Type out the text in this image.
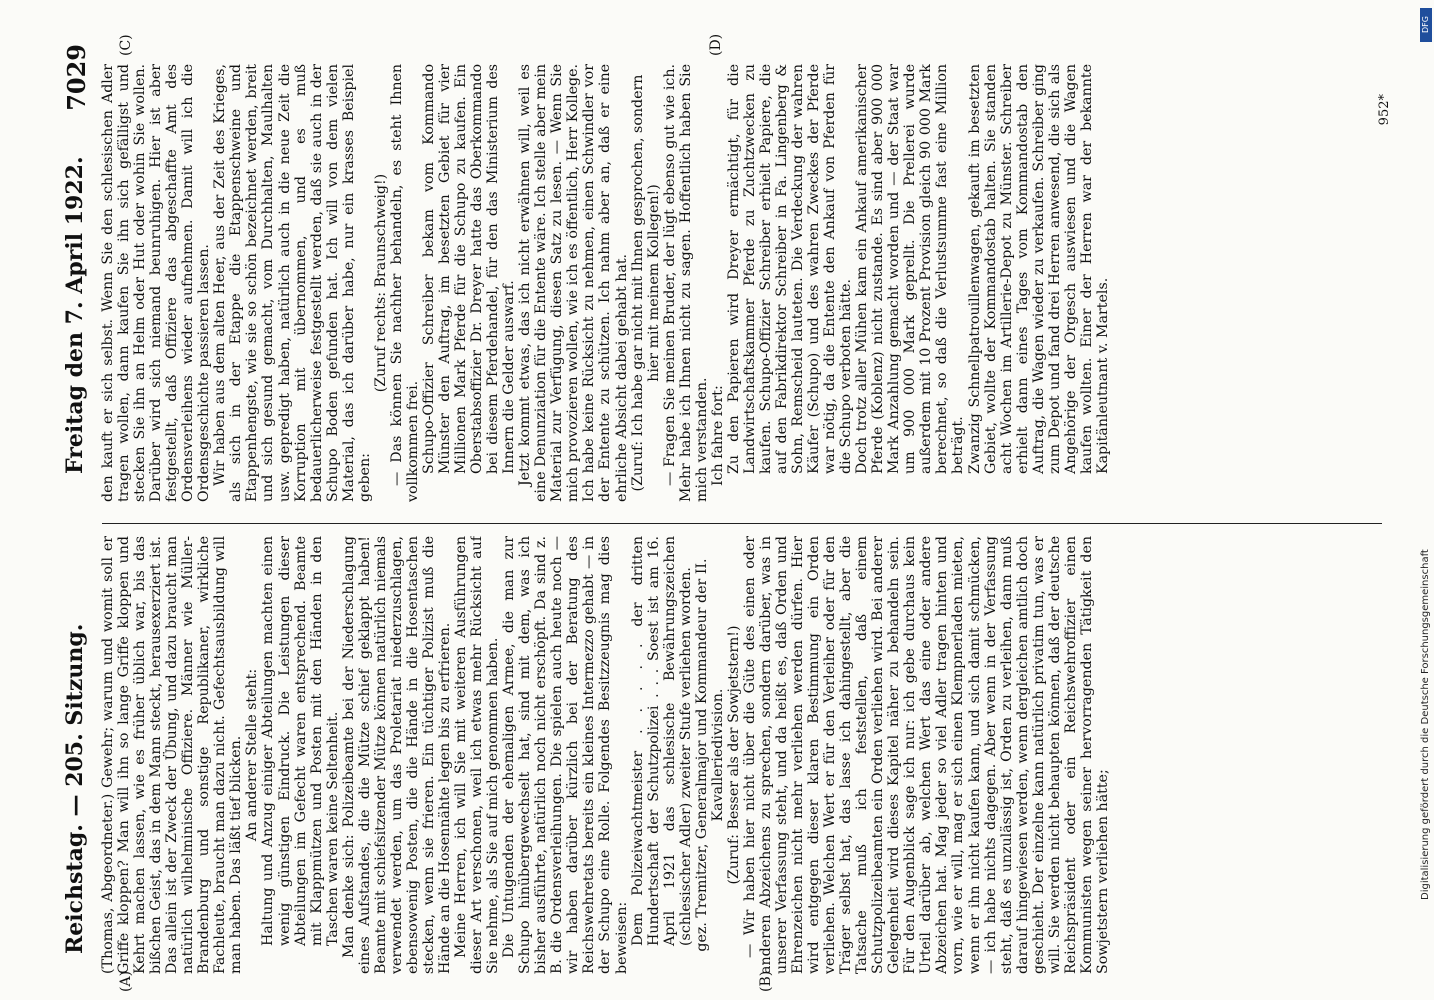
Reichstag. — 205. Sitzung.
Freitag den 7. April 1922.
7029
(A)	(B)
(C)	(D)

(Thomas, Abgeordneter.) Gewehr; warum und womit soll er Griffe kloppen? Man will ihn so lange Griffe kloppen und Kehrt machen lassen, wie es früher üblich war, bis das bißchen Geist, das in dem Mann steckt, herausexerziert ist. Das allein ist der Zweck der Übung, und dazu braucht man natürlich wilhelminische Offiziere. Männer wie Müller-Brandenburg und sonstige Republikaner, wirkliche Fachleute, braucht man dazu nicht. Gefechtsausbildung will man haben. Das läßt tief blicken. An anderer Stelle steht: Haltung und Anzug einiger Abteilungen machten einen wenig günstigen Eindruck. Die Leistungen dieser Abteilungen im Gefecht waren entsprechend. Beamte mit Klappmützen und Posten mit den Händen in den Taschen waren keine Seltenheit. Man denke sich: Polizeibeamte bei der Niederschlagung eines Aufstandes, die die Mütze schief geklappt haben! Beamte mit schiefsitzender Mütze können natürlich niemals verwendet werden, um das Proletariat niederzuschlagen, ebensowenig Posten, die die Hände in die Hosentaschen stecken, wenn sie frieren. Ein tüchtiger Polizist muß die Hände an die Hosennähte legen bis zu erfrieren. Meine Herren, ich will Sie mit weiteren Ausführungen dieser Art verschonen, weil ich etwas mehr Rücksicht auf Sie nehme, als Sie auf mich genommen haben. Die Untugenden der ehemaligen Armee, die man zur Schupo hinübergewechselt hat, sind mit dem, was ich bisher ausführte, natürlich noch nicht erschöpft. Da sind z. B. die Ordensverleihungen. Die spielen auch heute noch — wir haben darüber kürzlich bei der Beratung des Reichswehretats bereits ein kleines Intermezzo gehabt — in der Schupo eine Rolle. Folgendes Besitzzeugnis mag dies beweisen: Dem Polizeiwachtmeister . . . . . der dritten Hundertschaft der Schutzpolizei . . . Soest ist am 16. April 1921 das schlesische Bewährungszeichen (schlesischer Adler) zweiter Stufe verliehen worden. gez. Tremitzer, Generalmajor und Kommandeur der II. Kavalleriedivision. (Zuruf: Besser als der Sowjetstern!) — Wir haben hier nicht über die Güte des einen oder anderen Abzeichens zu sprechen, sondern darüber, was in unserer Verfassung steht, und da heißt es, daß Orden und Ehrenzeichen nicht mehr verliehen werden dürfen. Hier wird entgegen dieser klaren Bestimmung ein Orden verliehen. Welchen Wert er für den Verleiher oder für den Träger selbst hat, das lasse ich dahingestellt, aber die Tatsache muß ich feststellen, daß einem Schutzpolizeibeamten ein Orden verliehen wird. Bei anderer Gelegenheit wird dieses Kapitel näher zu behandeln sein. Für den Augenblick sage ich nur: ich gebe durchaus kein Urteil darüber ab, welchen Wert das eine oder andere Abzeichen hat. Mag jeder so viel Adler tragen hinten und vorn, wie er will, mag er sich einen Klempnerladen mieten, wenn er ihn nicht kaufen kann, und sich damit schmücken, — ich habe nichts dagegen. Aber wenn in der Verfassung steht, daß es unzulässig ist, Orden zu verleihen, dann muß darauf hingewiesen werden, wenn dergleichen amtlich doch geschieht. Der einzelne kann natürlich privatim tun, was er will. Sie werden nicht behaupten können, daß der deutsche Reichspräsident oder ein Reichswehroffizier einen Kommunisten wegen seiner hervorragenden Tätigkeit den Sowjetstern verliehen hätte;

den kauft er sich selbst. Wenn Sie den schlesischen Adler tragen wollen, dann kaufen Sie ihn sich gefälligst und stecken Sie ihn an Helm oder Hut oder wohin Sie wollen. Darüber wird sich niemand beunruhigen. Hier ist aber festgestellt, daß Offiziere das abgeschaffte Amt des Ordensverleihens wieder aufnehmen. Damit will ich die Ordensgeschichte passieren lassen. Wir haben aus dem alten Heer, aus der Zeit des Krieges, als sich in der Etappe die Etappenschweine und Etappenhengste, wie sie so schön bezeichnet werden, breit und sich gesund gemacht, vom Durchhalten, Maulhalten usw. gepredigt haben, natürlich auch in die neue Zeit die Korruption mit übernommen, und es muß bedauerlicherweise festgestellt werden, daß sie auch in der Schupo Boden gefunden hat. Ich will von dem vielen Material, das ich darüber habe, nur ein krasses Beispiel geben:

(Zuruf rechts: Braunschweig!) — Das können Sie nachher behandeln, es steht Ihnen vollkommen frei. Schupo-Offizier Schreiber bekam vom Kommando Münster den Auftrag, im besetzten Gebiet für vier Millionen Mark Pferde für die Schupo zu kaufen. Ein Oberstabsoffizier Dr. Dreyer hatte das Oberkommando bei diesem Pferdehandel, für den das Ministerium des Innern die Gelder auswarf. Jetzt kommt etwas, das ich nicht erwähnen will, weil es eine Denunziation für die Entente wäre. Ich stelle aber mein Material zur Verfügung, diesen Satz zu lesen. — Wenn Sie mich provozieren wollen, wie ich es öffentlich, Herr Kollege. Ich habe keine Rücksicht zu nehmen, einen Schwindler vor der Entente zu schützen. Ich nahm aber an, daß er eine ehrliche Absicht dabei gehabt hat. (Zuruf: Ich habe gar nicht mit Ihnen gesprochen, sondern hier mit meinem Kollegen!) — Fragen Sie meinen Bruder, der lügt ebenso gut wie ich. Mehr habe ich Ihnen nicht zu sagen. Hoffentlich haben Sie mich verstanden. Ich fahre fort: Zu den Papieren wird Dreyer ermächtigt, für die Landwirtschaftskammer Pferde zu Zuchtzwecken zu kaufen. Schupo-Offizier Schreiber erhielt Papiere, die auf den Fabrikdirektor Schreiber in Fa. Lingenberg & Sohn, Remscheid lauteten. Die Verdeckung der wahren Käufer (Schupo) und des wahren Zweckes der Pferde war nötig, da die Entente den Ankauf von Pferden für die Schupo verboten hätte. Doch trotz aller Mühen kam ein Ankauf amerikanischer Pferde (Koblenz) nicht zustande. Es sind aber 900 000 Mark Anzahlung gemacht worden und — der Staat war um 900 000 Mark geprellt. Die Prellerei wurde außerdem mit 10 Prozent Provision gleich 90 000 Mark berechnet, so daß die Verlustsumme fast eine Million beträgt. Zwanzig Schnellpatrouillenwagen, gekauft im besetzten Gebiet, wollte der Kommandostab halten. Sie standen acht Wochen im Artillerie-Depot zu Münster. Schreiber erhielt dann eines Tages vom Kommandostab den Auftrag, die Wagen wieder zu verkaufen. Schreiber ging zum Depot und fand drei Herren anwesend, die sich als Angehörige der Orgesch auswiesen und die Wagen kaufen wollten. Einer der Herren war der bekannte Kapitänleutnant v. Martels.

952*
Digitalisierung gefördert durch die Deutsche Forschungsgemeinschaft
DFG
